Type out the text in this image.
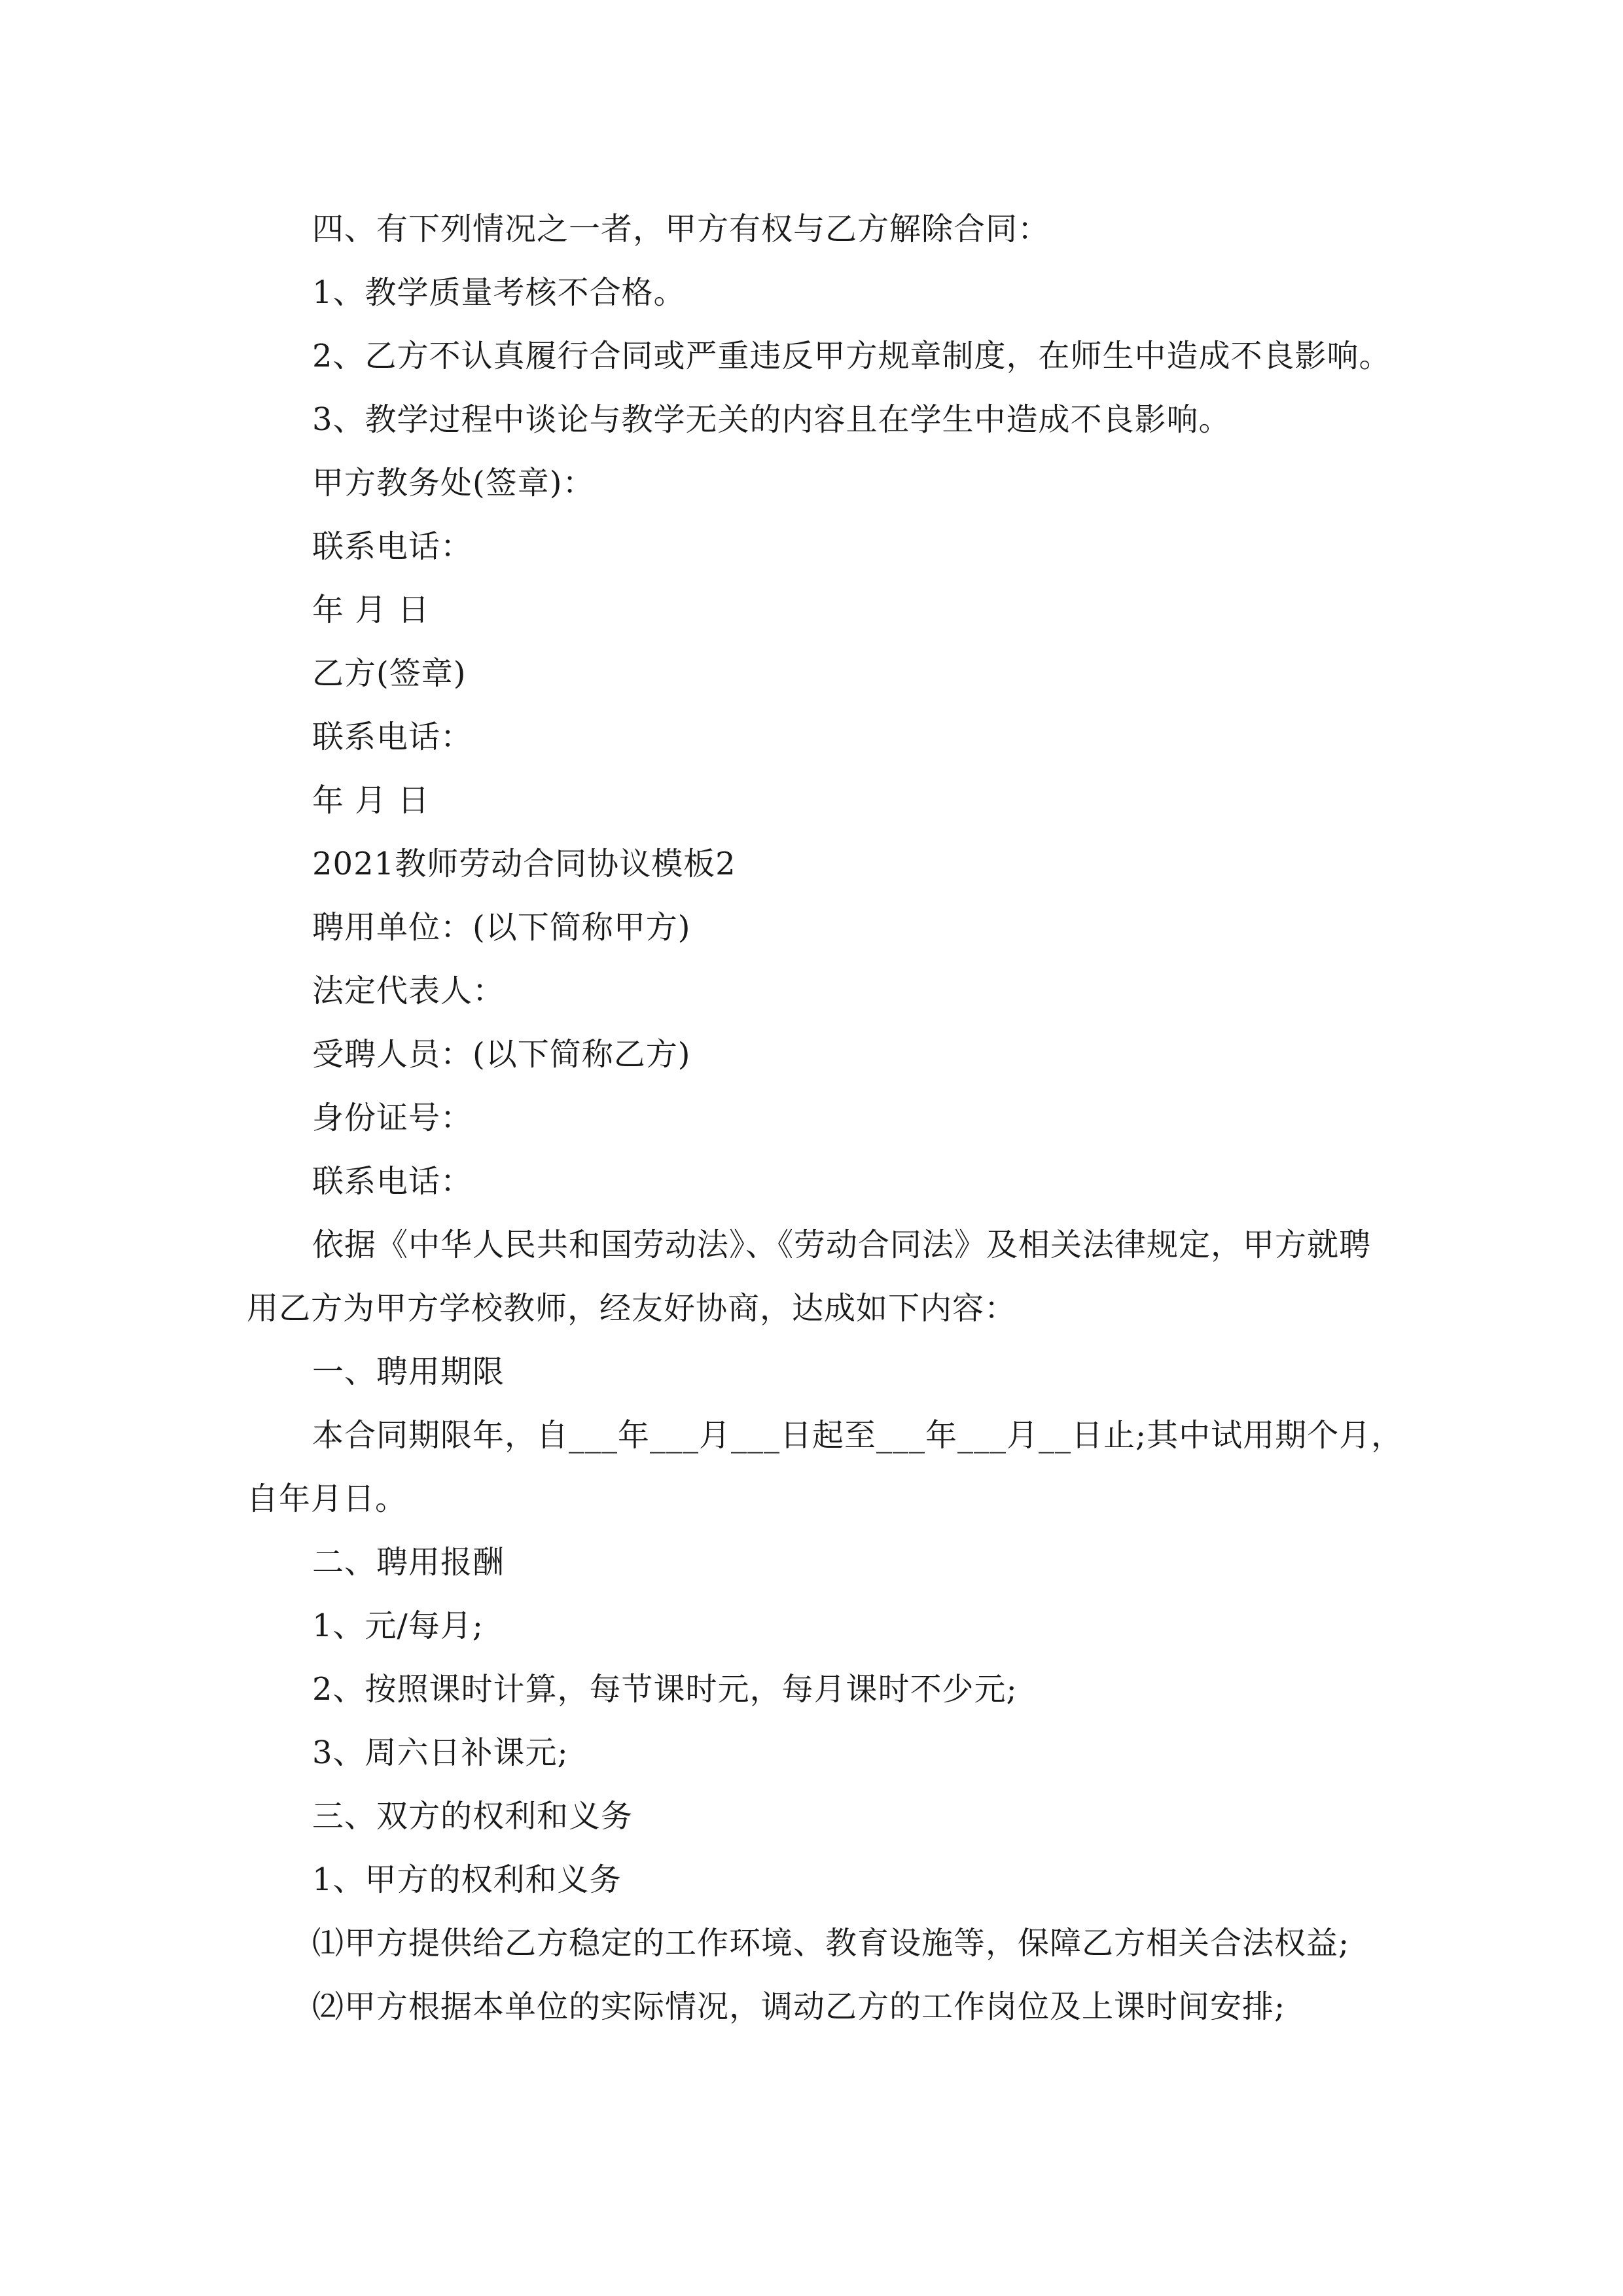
四、有下列情况之一者，甲方有权与乙方解除合同：
1、教学质量考核不合格。
2、乙方不认真履行合同或严重违反甲方规章制度，在师生中造成不良影响。
3、教学过程中谈论与教学无关的内容且在学生中造成不良影响。
甲方教务处(签章)：
联系电话：
年 月 日
乙方(签章)
联系电话：
年 月 日
2021教师劳动合同协议模板2
聘用单位：(以下简称甲方)
法定代表人：
受聘人员：(以下简称乙方)
身份证号：
联系电话：
依据《中华人民共和国劳动法》、《劳动合同法》及相关法律规定，甲方就聘
用乙方为甲方学校教师，经友好协商，达成如下内容：
一、聘用期限
本合同期限年，自___年___月___日起至___年___月__日止;其中试用期个月，
自年月日。
二、聘用报酬
1、元/每月;
2、按照课时计算，每节课时元，每月课时不少元;
3、周六日补课元;
三、双方的权利和义务
1、甲方的权利和义务
⑴甲方提供给乙方稳定的工作环境、教育设施等，保障乙方相关合法权益;
⑵甲方根据本单位的实际情况，调动乙方的工作岗位及上课时间安排;
